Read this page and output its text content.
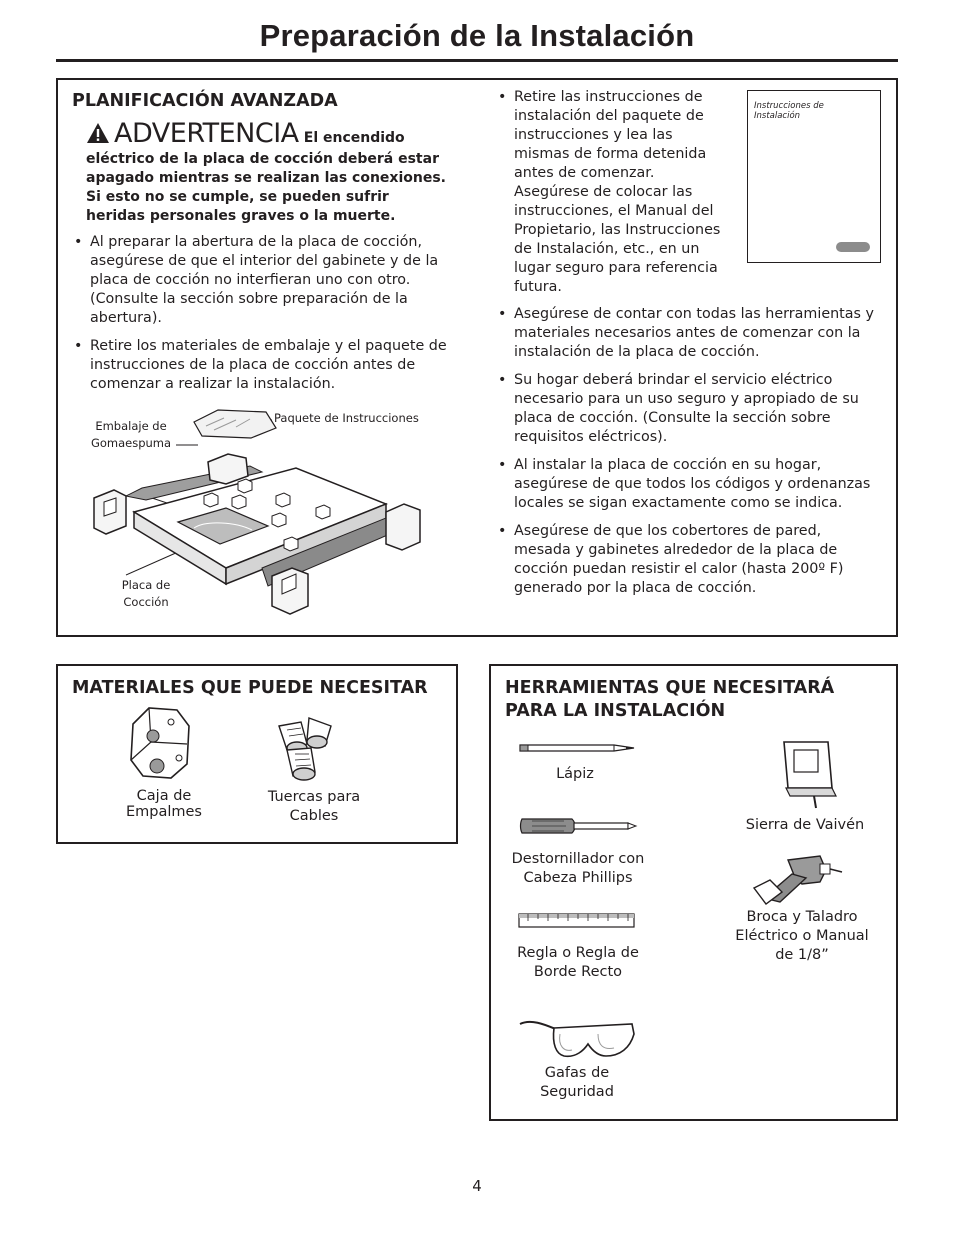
Preparación de la Instalación
PLANIFICACIÓN AVANZADA
ADVERTENCIA El encendido
eléctrico de la placa de cocción deberá estar apagado mientras se realizan las conexiones. Si esto no se cumple, se pueden sufrir heridas personales graves o la muerte.
• Al preparar la abertura de la placa de cocción, asegúrese de que el interior del gabinete y de la placa de cocción no interfieran uno con otro. (Consulte la sección sobre preparación de la abertura).
• Retire los materiales de embalaje y el paquete de instrucciones de la placa de cocción antes de comenzar a realizar la instalación.
Embalaje de Gomaespuma
Paquete de Instrucciones
Placa de Cocción
• Retire las instrucciones de instalación del paquete de instrucciones y lea las mismas de forma detenida antes de comenzar. Asegúrese de colocar las instrucciones, el Manual del Propietario, las Instrucciones de Instalación, etc., en un lugar seguro para referencia futura.
Instrucciones de Instalación
• Asegúrese de contar con todas las herramientas y materiales necesarios antes de comenzar con la instalación de la placa de cocción.
• Su hogar deberá brindar el servicio eléctrico necesario para un uso seguro y apropiado de su placa de cocción. (Consulte la sección sobre requisitos eléctricos).
• Al instalar la placa de cocción en su hogar, asegúrese de que todos los códigos y ordenanzas locales se sigan exactamente como se indica.
• Asegúrese de que los cobertores de pared, mesada y gabinetes alrededor de la placa de cocción puedan resistir el calor (hasta 200º F) generado por la placa de cocción.
MATERIALES QUE PUEDE NECESITAR
Caja de Empalmes
Tuercas para Cables
HERRAMIENTAS QUE NECESITARÁ PARA LA INSTALACIÓN
Lápiz
Sierra de Vaivén
Destornillador con Cabeza Phillips
Broca y Taladro Eléctrico o Manual de 1/8”
Regla o Regla de Borde Recto
Gafas de Seguridad
4
